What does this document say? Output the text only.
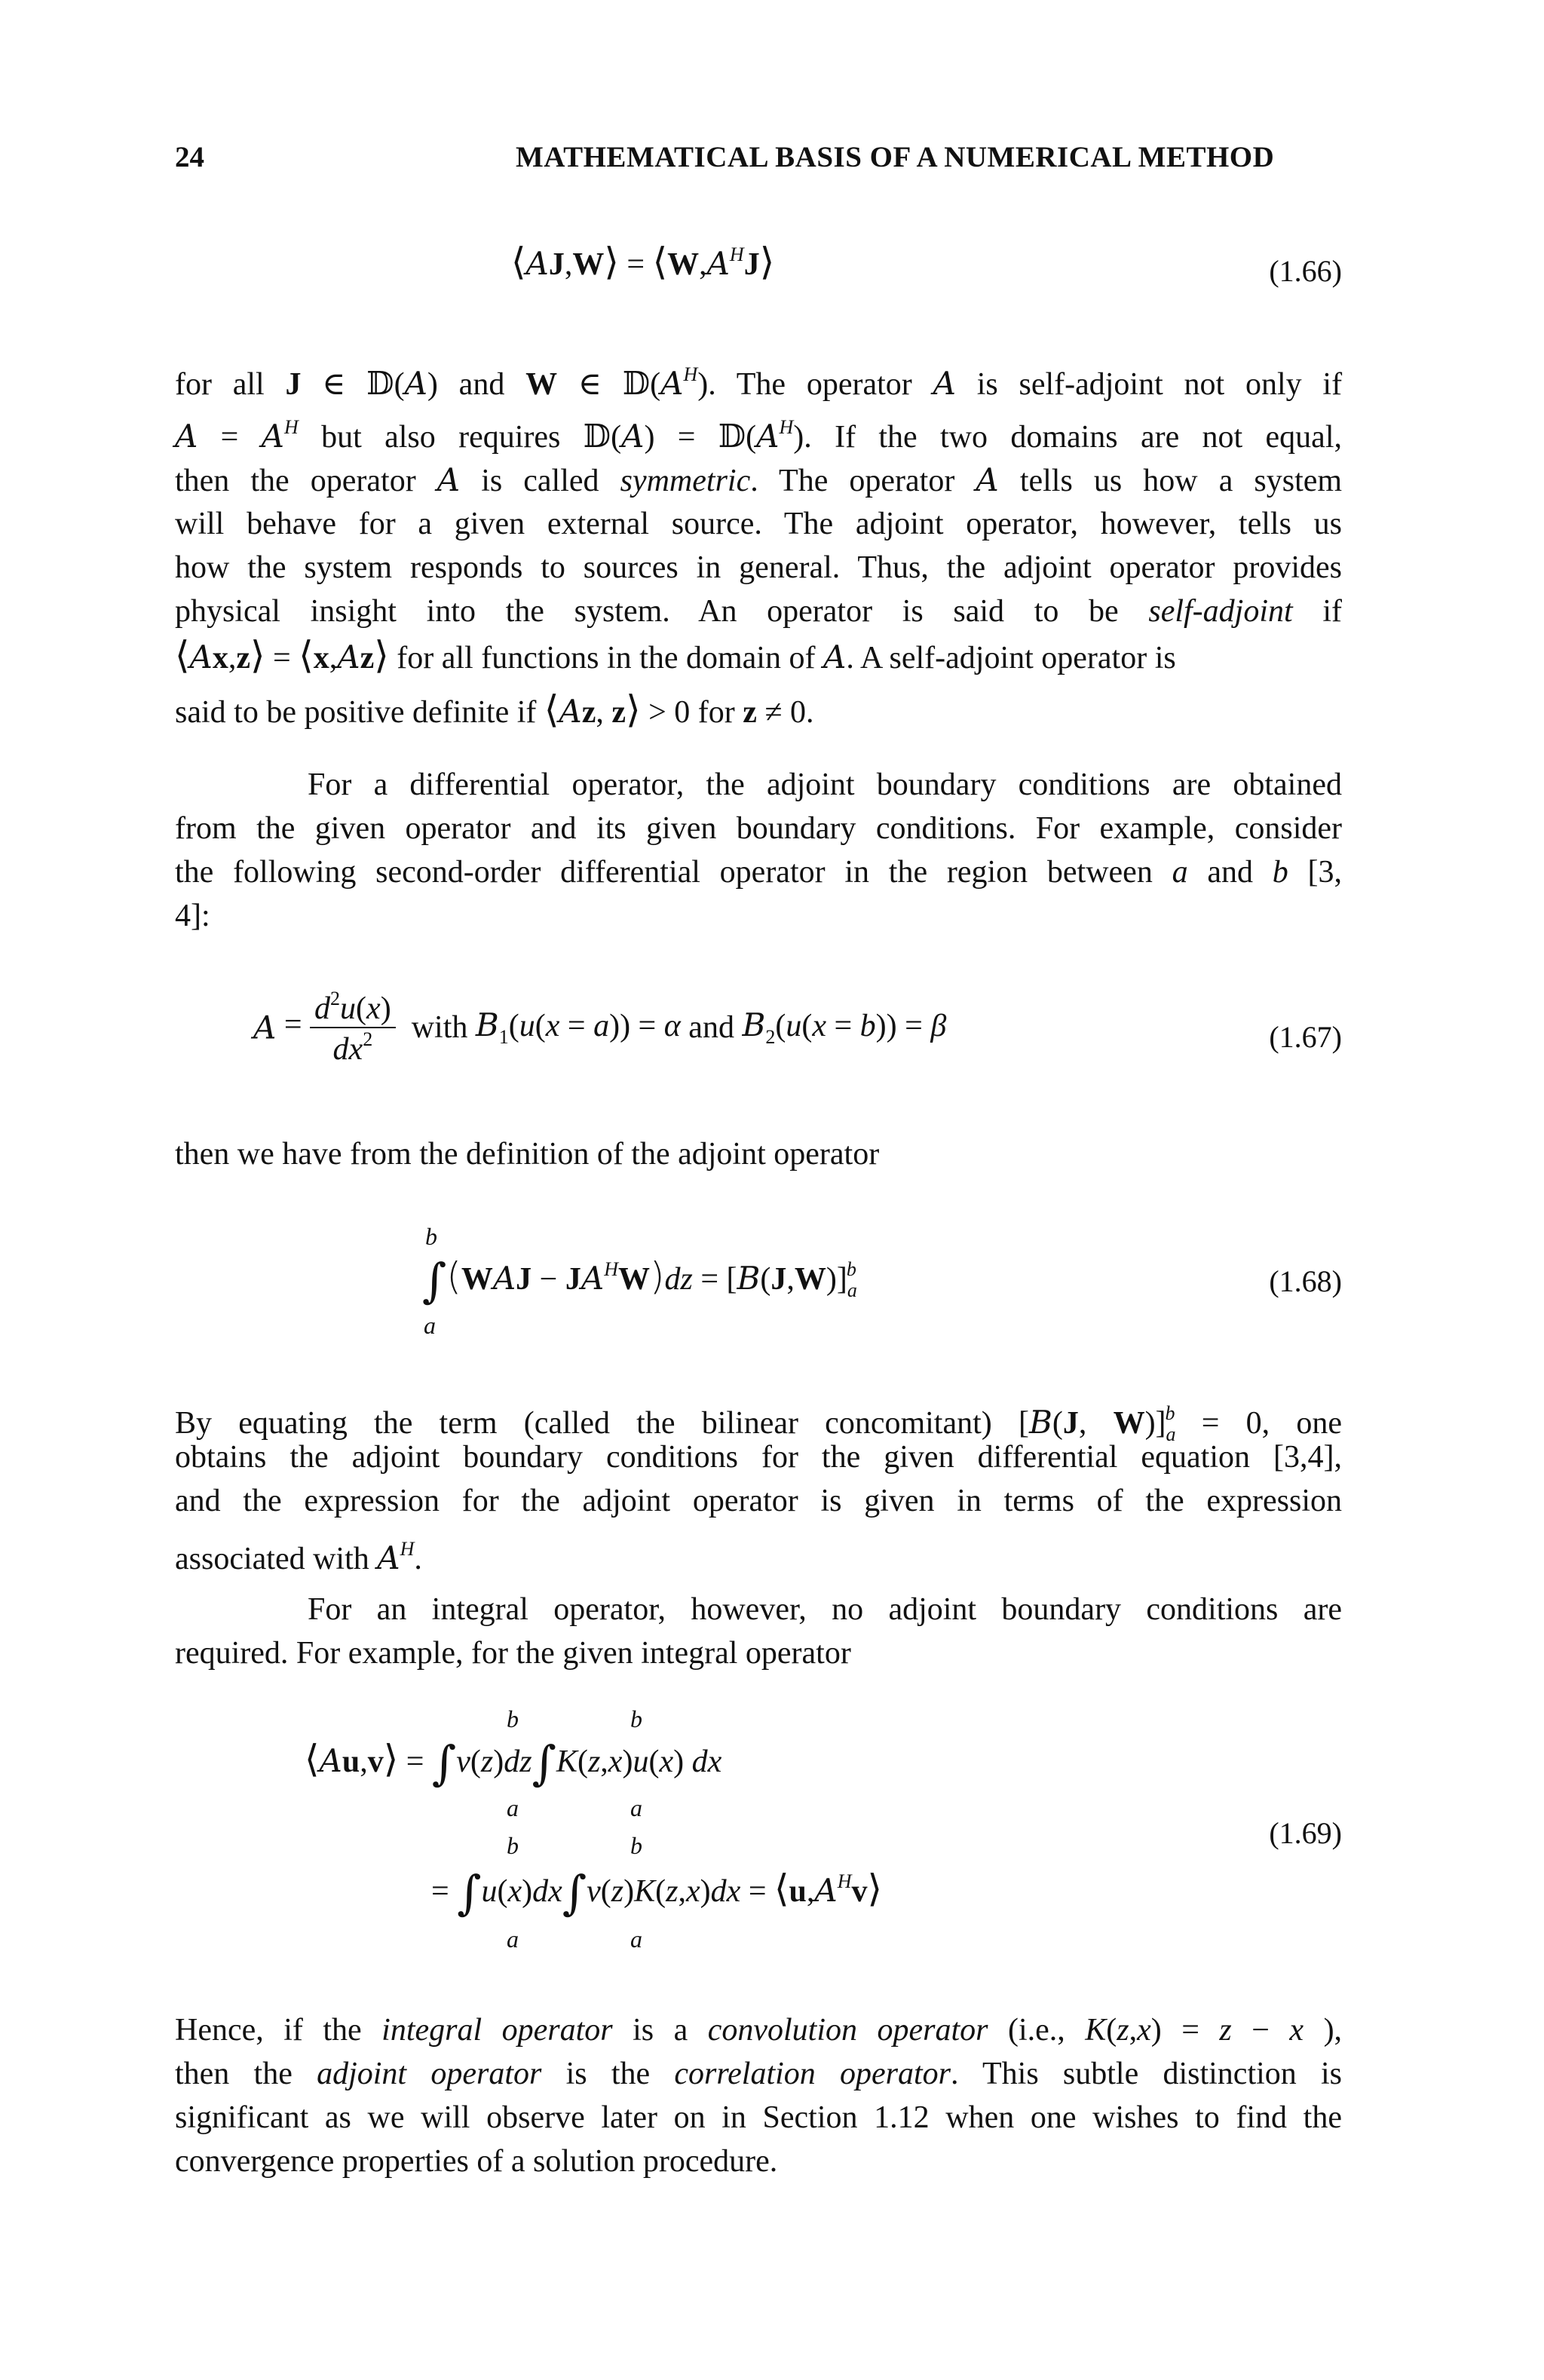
24	MATHEMATICAL BASIS OF A NUMERICAL METHOD
⟨AJ,W⟩ = $⟨W,A^HJ⟩$	(1.66)
for all J ∈ 𝔻(A) and W ∈ $𝔻(A^H)$. The operator A is self-adjoint not only if
$A = A^H$ but also requires 𝔻(A) = $𝔻(A^H)$. If the two domains are not equal,
then the operator A is called symmetric. The operator A tells us how a system
will behave for a given external source. The adjoint operator, however, tells us
how the system responds to sources in general. Thus, the adjoint operator provides
physical insight into the system. An operator is said to be self-adjoint if
⟨Ax,z⟩ = ⟨x,Az⟩ for all functions in the domain of A. A self-adjoint operator is
said to be positive definite if ⟨Az, z⟩ > 0 for z ≠ 0.
For a differential operator, the adjoint boundary conditions are obtained
from the given operator and its given boundary conditions. For example, consider
the following second-order differential operator in the region between a and b [3,
4]:
$A = \frac{d^2u(x)}{dx^2}$ with $B_1(u(x = a)) = \alpha$ and $B_2(u(x = b)) = \beta$	(1.67)
then we have from the definition of the adjoint operator
b
a
$\int(WAJ - JA^HW)dz = [B(J,W)]_a^b$	(1.68)
By equating the term (called the bilinear concomitant) [B(J, $W)]_a^b = 0$, one
obtains the adjoint boundary conditions for the given differential equation [3,4],
and the expression for the adjoint operator is given in terms of the expression
associated with $A^H$.
For an integral operator, however, no adjoint boundary conditions are
required. For example, for the given integral operator
b	b
a	a
⟨Au,v⟩ = ∫v(z)dz∫K(z,x)u(x) dx
b	b
a	a
= $\int u(x)dx\int v(z)K(z,x)dx = ⟨u,A^Hv⟩$
(1.69)
Hence, if the integral operator is a convolution operator (i.e., K(z,x) = z − x ),
then the adjoint operator is the correlation operator. This subtle distinction is
significant as we will observe later on in Section 1.12 when one wishes to find the
convergence properties of a solution procedure.
